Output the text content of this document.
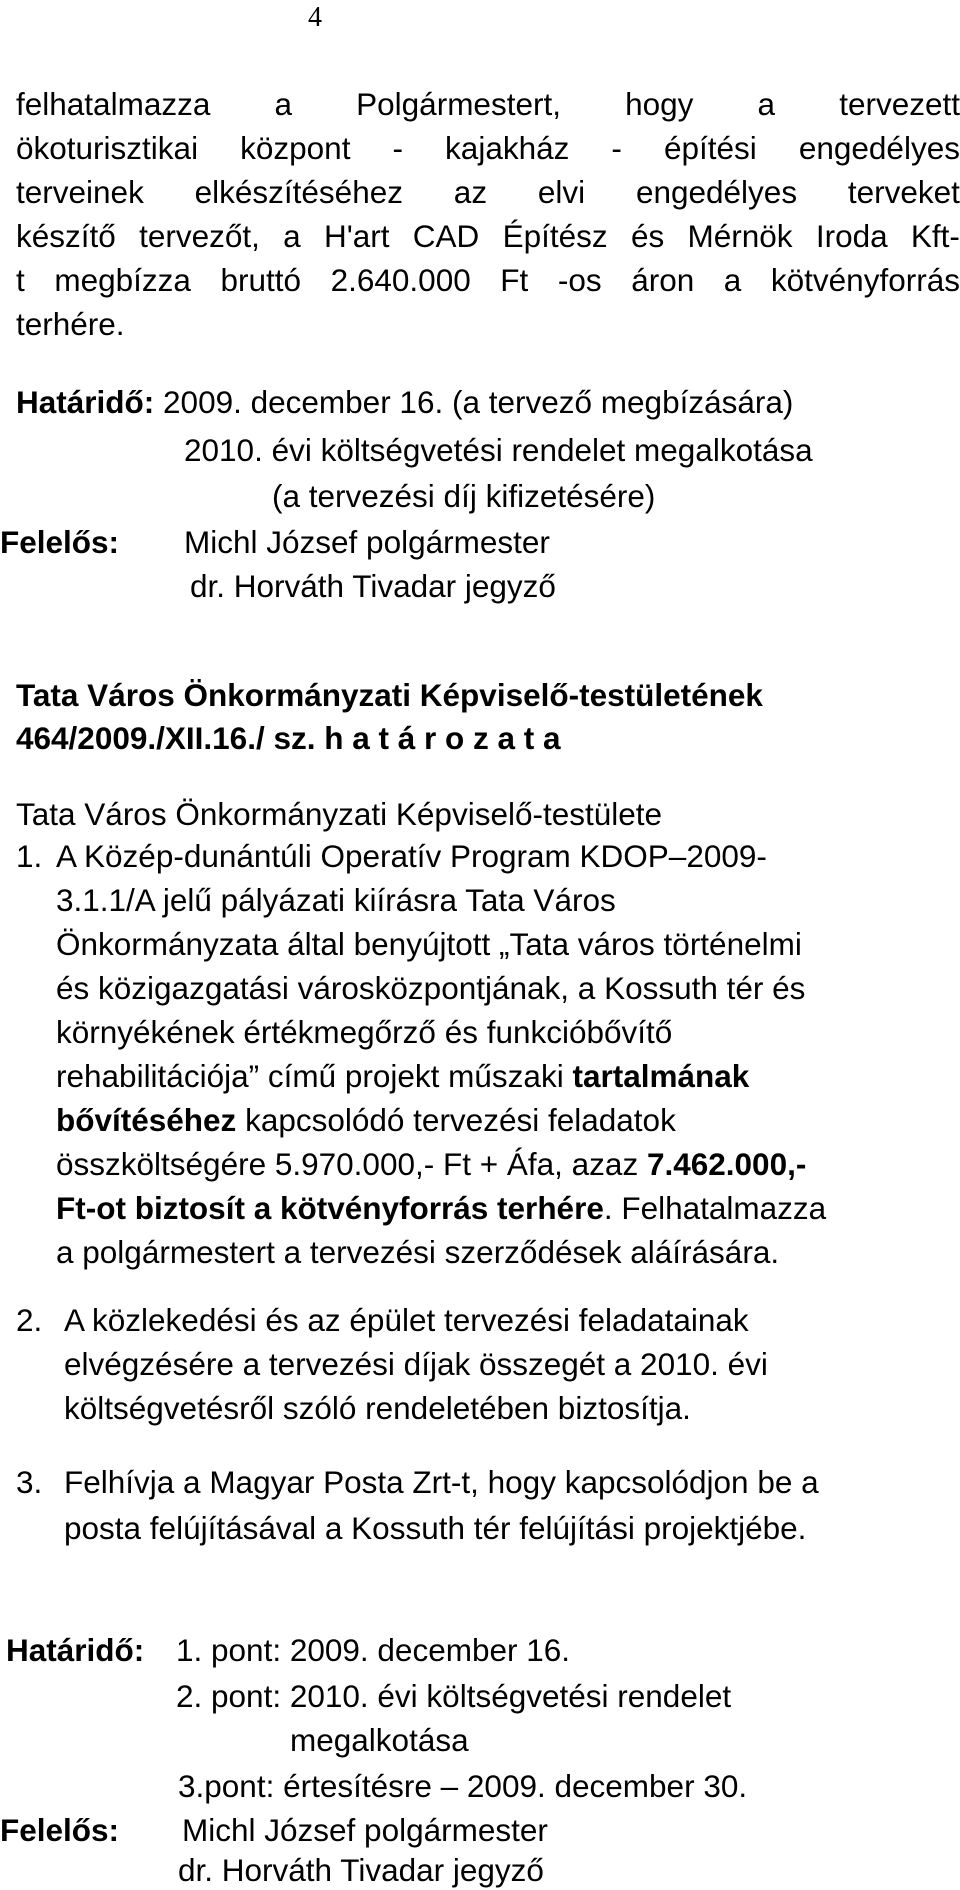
4
felhatalmazza a Polgármestert, hogy a tervezett
ökoturisztikai központ - kajakház - építési engedélyes
terveinek elkészítéséhez az elvi engedélyes terveket
készítő tervezőt, a H'art CAD Építész és Mérnök Iroda Kft-
t megbízza bruttó 2.640.000 Ft -os áron a kötvényforrás
terhére.
Határidő: 2009. december 16. (a tervező megbízására)
2010. évi költségvetési rendelet megalkotása
(a tervezési díj kifizetésére)
Felelős: Michl József polgármester
dr. Horváth Tivadar jegyző
Tata Város Önkormányzati Képviselő-testületének
464/2009./XII.16./ sz. h a t á r o z a t a
Tata Város Önkormányzati Képviselő-testülete
1. A Közép-dunántúli Operatív Program KDOP–2009-
3.1.1/A jelű pályázati kiírásra Tata Város
Önkormányzata által benyújtott „Tata város történelmi
és közigazgatási városközpontjának, a Kossuth tér és
környékének értékmegőrző és funkcióbővítő
rehabilitációja” című projekt műszaki tartalmának
bővítéséhez kapcsolódó tervezési feladatok
összköltségére 5.970.000,- Ft + Áfa, azaz 7.462.000,-
Ft-ot biztosít a kötvényforrás terhére. Felhatalmazza
a polgármestert a tervezési szerződések aláírására.
2. A közlekedési és az épület tervezési feladatainak
elvégzésére a tervezési díjak összegét a 2010. évi
költségvetésről szóló rendeletében biztosítja.
3. Felhívja a Magyar Posta Zrt-t, hogy kapcsolódjon be a
posta felújításával a Kossuth tér felújítási projektjébe.
Határidő: 1. pont: 2009. december 16.
2. pont: 2010. évi költségvetési rendelet
megalkotása
3.pont: értesítésre – 2009. december 30.
Felelős: Michl József polgármester
dr. Horváth Tivadar jegyző
